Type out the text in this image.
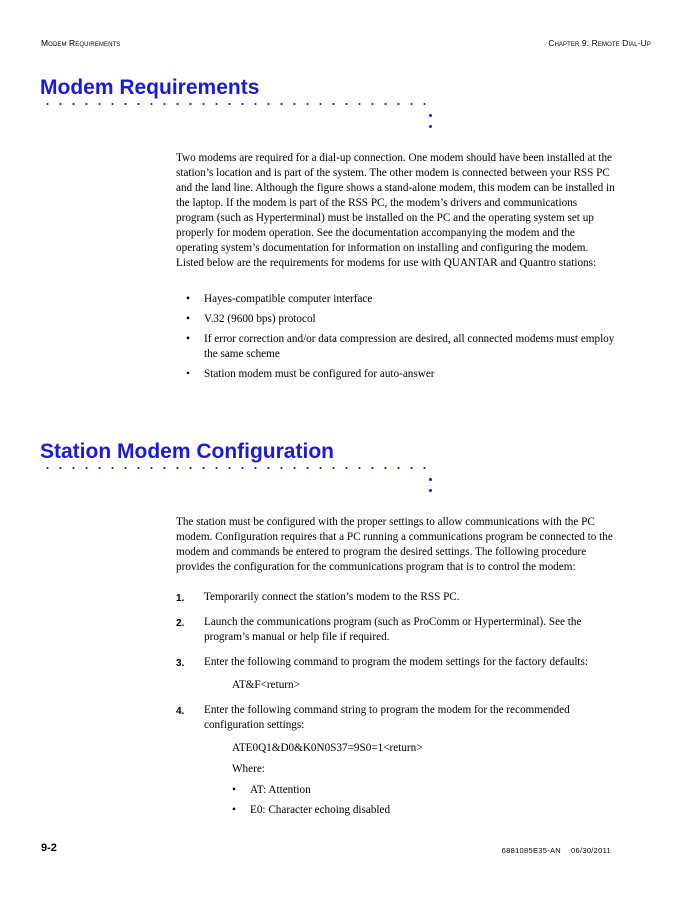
Modem Requirements	Chapter 9: Remote Dial-Up
Modem Requirements

Two modems are required for a dial-up connection. One modem should have been installed at the station’s location and is part of the system. The other modem is connected between your RSS PC and the land line. Although the figure shows a stand-alone modem, this modem can be installed in the laptop. If the modem is part of the RSS PC, the modem’s drivers and communications program (such as Hyperterminal) must be installed on the PC and the operating system set up properly for modem operation. See the documentation accompanying the modem and the operating system’s documentation for information on installing and configuring the modem. Listed below are the requirements for modems for use with QUANTAR and Quantro stations:

• Hayes-compatible computer interface
• V.32 (9600 bps) protocol
• If error correction and/or data compression are desired, all connected modems must employ the same scheme
• Station modem must be configured for auto-answer
Station Modem Configuration

The station must be configured with the proper settings to allow communications with the PC modem. Configuration requires that a PC running a communications program be connected to the modem and commands be entered to program the desired settings. The following procedure provides the configuration for the communications program that is to control the modem:

1. Temporarily connect the station’s modem to the RSS PC.
2. Launch the communications program (such as ProComm or Hyperterminal). See the program’s manual or help file if required.
3. Enter the following command to program the modem settings for the factory defaults:
AT&F<return>
4. Enter the following command string to program the modem for the recommended configuration settings:
ATE0Q1&D0&K0N0S37=9S0=1<return>
Where:
• AT: Attention
• E0: Character echoing disabled
9-2	6881085E35-AN 06/30/2011
